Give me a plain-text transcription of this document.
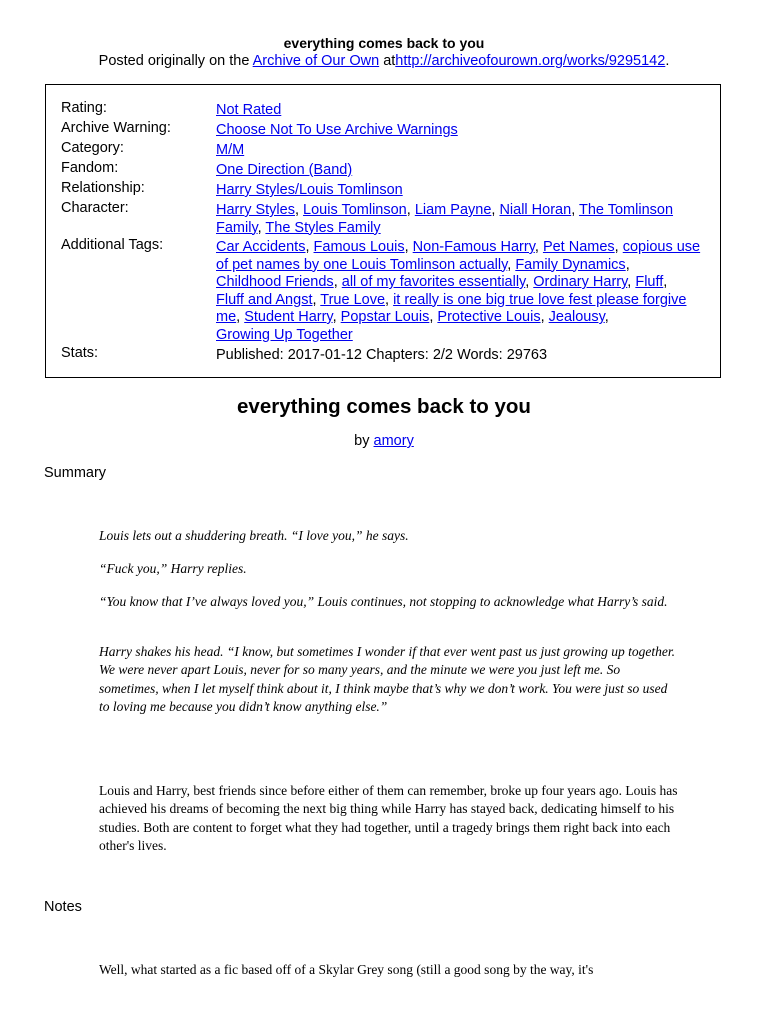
everything comes back to you
Posted originally on the Archive of Our Own athttp://archiveofourown.org/works/9295142.
Rating:	Not Rated
Archive Warning:	Choose Not To Use Archive Warnings
Category:	M/M
Fandom:	One Direction (Band)
Relationship:	Harry Styles/Louis Tomlinson
Character:	Harry Styles, Louis Tomlinson, Liam Payne, Niall Horan, The Tomlinson Family, The Styles Family
Additional Tags:	Car Accidents, Famous Louis, Non-Famous Harry, Pet Names, copious use of pet names by one Louis Tomlinson actually, Family Dynamics, Childhood Friends, all of my favorites essentially, Ordinary Harry, Fluff, Fluff and Angst, True Love, it really is one big true love fest please forgive me, Student Harry, Popstar Louis, Protective Louis, Jealousy, Growing Up Together
Stats:	Published: 2017-01-12 Chapters: 2/2 Words: 29763
everything comes back to you
by amory
Summary
Louis lets out a shuddering breath. “I love you,” he says.
“Fuck you,” Harry replies.
“You know that I’ve always loved you,” Louis continues, not stopping to acknowledge what Harry’s said.
Harry shakes his head. “I know, but sometimes I wonder if that ever went past us just growing up together. We were never apart Louis, never for so many years, and the minute we were you just left me. So sometimes, when I let myself think about it, I think maybe that’s why we don’t work. You were just so used to loving me because you didn’t know anything else.”
Louis and Harry, best friends since before either of them can remember, broke up four years ago. Louis has achieved his dreams of becoming the next big thing while Harry has stayed back, dedicating himself to his studies. Both are content to forget what they had together, until a tragedy brings them right back into each other's lives.
Notes
Well, what started as a fic based off of a Skylar Grey song (still a good song by the way, it's
